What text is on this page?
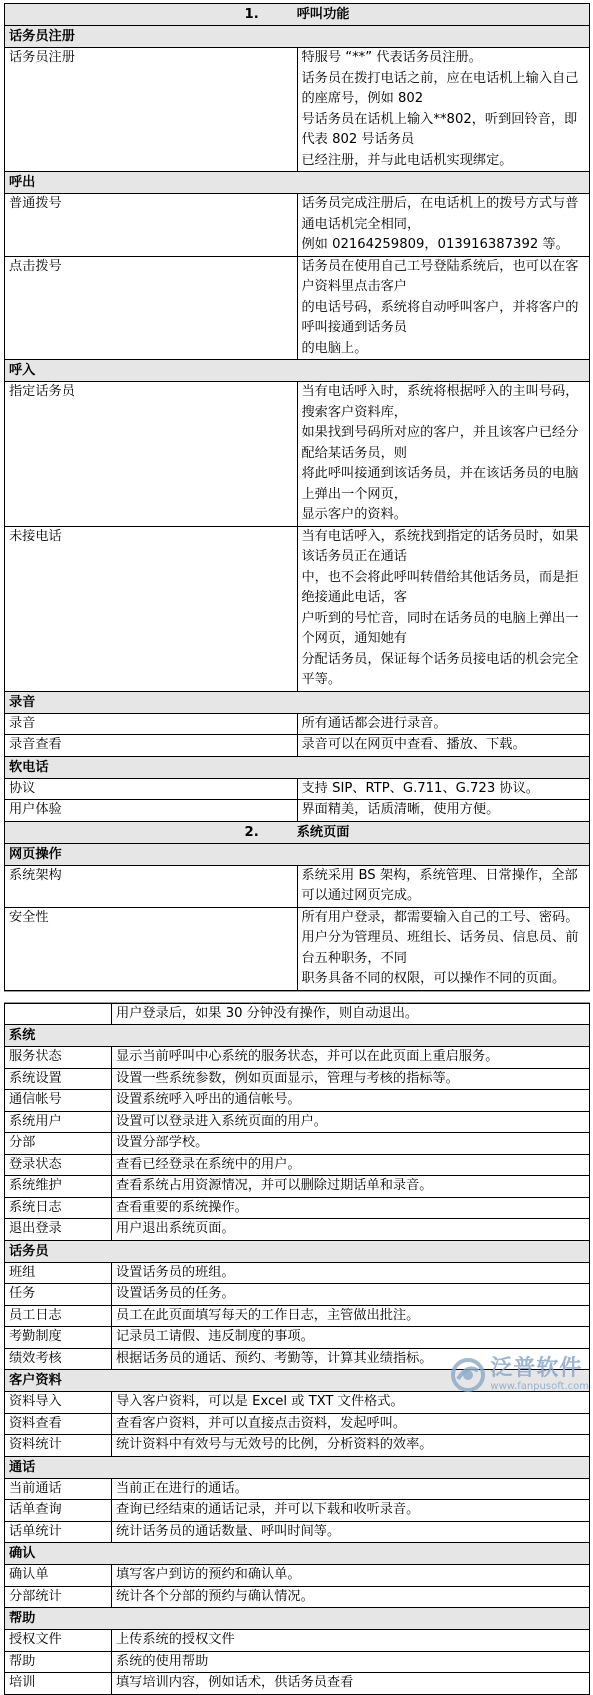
1. 呼叫功能	
话务员注册	
话务员注册	特服号 “**” 代表话务员注册。
话务员在拨打电话之前，应在电话机上输入自己的座席号，例如 802
号话务员在话机上输入**802，听到回铃音，即代表 802 号话务员
已经注册，并与此电话机实现绑定。

呼出	
普通拨号	话务员完成注册后，在电话机上的拨号方式与普通电话机完全相同，
例如 02164259809，013916387392 等。

点击拨号	话务员在使用自己工号登陆系统后，也可以在客户资料里点击客户
的电话号码，系统将自动呼叫客户，并将客户的呼叫接通到话务员
的电脑上。

呼入	
指定话务员	当有电话呼入时，系统将根据呼入的主叫号码，搜索客户资料库，
如果找到号码所对应的客户，并且该客户已经分配给某话务员，则
将此呼叫接通到该话务员，并在该话务员的电脑上弹出一个网页，
显示客户的资料。

未接电话	当有电话呼入，系统找到指定的话务员时，如果该话务员正在通话
中，也不会将此呼叫转借给其他话务员，而是拒绝接通此电话，客
户听到的号忙音，同时在话务员的电脑上弹出一个网页，通知她有
分配话务员，保证每个话务员接电话的机会完全平等。

录音	
录音	所有通话都会进行录音。

录音查看	录音可以在网页中查看、播放、下载。

软电话	
协议	支持 SIP、RTP、G.711、G.723 协议。

用户体验	界面精美，话质清晰，使用方便。

2. 系统页面	
网页操作	
系统架构	系统采用 BS 架构，系统管理、日常操作，全部可以通过网页完成。

安全性	所有用户登录，都需要输入自己的工号、密码。
用户分为管理员、班组长、话务员、信息员、前台五种职务，不同
职务具备不同的权限，可以操作不同的页面。

	用户登录后，如果 30 分钟没有操作，则自动退出。

系统	
服务状态	显示当前呼叫中心系统的服务状态，并可以在此页面上重启服务。

系统设置	设置一些系统参数，例如页面显示，管理与考核的指标等。

通信帐号	设置系统呼入呼出的通信帐号。

系统用户	设置可以登录进入系统页面的用户。

分部	设置分部学校。

登录状态	查看已经登录在系统中的用户。

系统维护	查看系统占用资源情况，并可以删除过期话单和录音。

系统日志	查看重要的系统操作。

退出登录	用户退出系统页面。

话务员	
班组	设置话务员的班组。

任务	设置话务员的任务。

员工日志	员工在此页面填写每天的工作日志，主管做出批注。

考勤制度	记录员工请假、违反制度的事项。

绩效考核	根据话务员的通话、预约、考勤等，计算其业绩指标。

客户资料	
资料导入	导入客户资料，可以是 Excel 或 TXT 文件格式。

资料查看	查看客户资料，并可以直接点击资料，发起呼叫。

资料统计	统计资料中有效号与无效号的比例，分析资料的效率。

通话	
当前通话	当前正在进行的通话。

话单查询	查询已经结束的通话记录，并可以下载和收听录音。

话单统计	统计话务员的通话数量、呼叫时间等。

确认	
确认单	填写客户到访的预约和确认单。

分部统计	统计各个分部的预约与确认情况。

帮助	
授权文件	上传系统的授权文件

帮助	系统的使用帮助

培训	填写培训内容，例如话术，供话务员查看
泛普软件
www.fanpusoft.com
